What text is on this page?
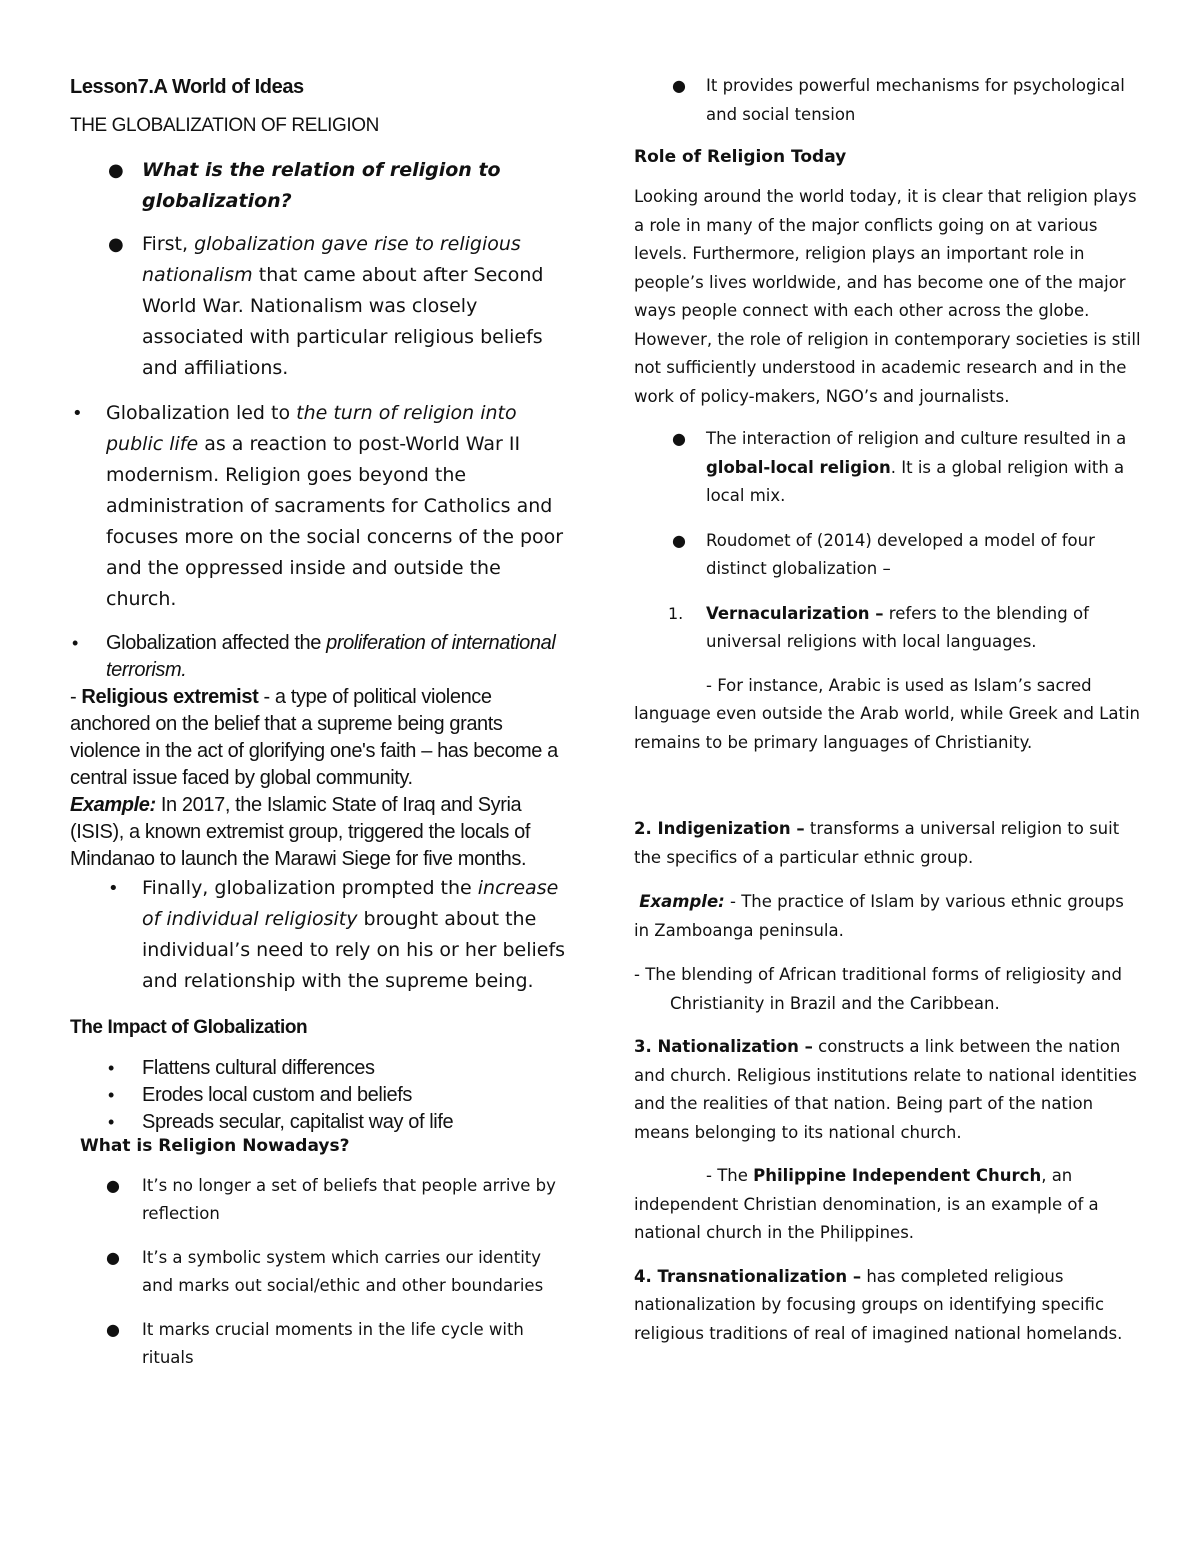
Lesson7.A World of Ideas

THE GLOBALIZATION OF RELIGION

● What is the relation of religion to globalization?
● First, globalization gave rise to religious nationalism that came about after Second World War. Nationalism was closely associated with particular religious beliefs and affiliations.
• Globalization led to the turn of religion into public life as a reaction to post-World War II modernism. Religion goes beyond the administration of sacraments for Catholics and focuses more on the social concerns of the poor and the oppressed inside and outside the church.
• Globalization affected the proliferation of international terrorism.

- Religious extremist - a type of political violence anchored on the belief that a supreme being grants violence in the act of glorifying one's faith – has become a central issue faced by global community.

Example: In 2017, the Islamic State of Iraq and Syria (ISIS), a known extremist group, triggered the locals of Mindanao to launch the Marawi Siege for five months.

• Finally, globalization prompted the increase of individual religiosity brought about the individual’s need to rely on his or her beliefs and relationship with the supreme being.

The Impact of Globalization

• Flattens cultural differences
• Erodes local custom and beliefs
• Spreads secular, capitalist way of life

What is Religion Nowadays?

● It’s no longer a set of beliefs that people arrive by reflection
● It’s a symbolic system which carries our identity and marks out social/ethic and other boundaries
● It marks crucial moments in the life cycle with rituals
● It provides powerful mechanisms for psychological and social tension

Role of Religion Today

Looking around the world today, it is clear that religion plays a role in many of the major conflicts going on at various levels. Furthermore, religion plays an important role in people’s lives worldwide, and has become one of the major ways people connect with each other across the globe. However, the role of religion in contemporary societies is still not sufficiently understood in academic research and in the work of policy-makers, NGO’s and journalists.

● The interaction of religion and culture resulted in a global-local religion. It is a global religion with a local mix.
● Roudomet of (2014) developed a model of four distinct globalization –
1. Vernacularization – refers to the blending of universal religions with local languages.

- For instance, Arabic is used as Islam’s sacred language even outside the Arab world, while Greek and Latin remains to be primary languages of Christianity.

2. Indigenization – transforms a universal religion to suit the specifics of a particular ethnic group.

Example: - The practice of Islam by various ethnic groups in Zamboanga peninsula.

- The blending of African traditional forms of religiosity andChristianity in Brazil and the Caribbean.

3. Nationalization – constructs a link between the nation and church. Religious institutions relate to national identities and the realities of that nation. Being part of the nation means belonging to its national church.

- The Philippine Independent Church, an independent Christian denomination, is an example of a national church in the Philippines.

4. Transnationalization – has completed religious nationalization by focusing groups on identifying specific religious traditions of real of imagined national homelands.
